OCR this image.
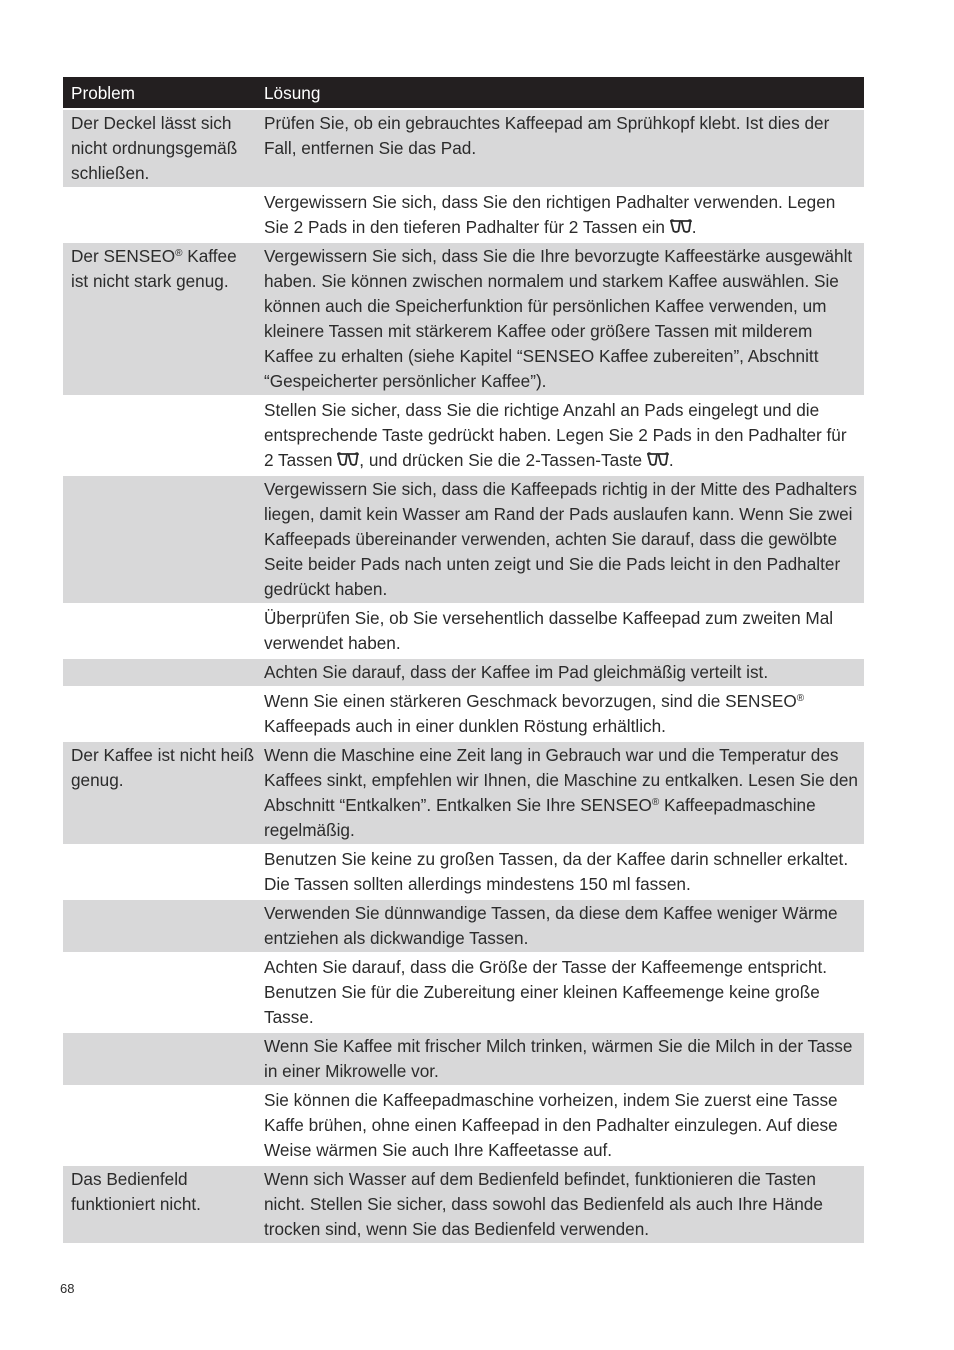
Problem	Lösung
Der Deckel lässt sich nicht ordnungsgemäß schließen.
Prüfen Sie, ob ein gebrauchtes Kaffeepad am Sprühkopf klebt. Ist dies der Fall, entfernen Sie das Pad.
Vergewissern Sie sich, dass Sie den richtigen Padhalter verwenden. Legen Sie 2 Pads in den tieferen Padhalter für 2 Tassen ein .
Der SENSEO® Kaffee ist nicht stark genug.
Vergewissern Sie sich, dass Sie die Ihre bevorzugte Kaffeestärke ausgewählt haben. Sie können zwischen normalem und starkem Kaffee auswählen. Sie können auch die Speicherfunktion für persönlichen Kaffee verwenden, um kleinere Tassen mit stärkerem Kaffee oder größere Tassen mit milderem Kaffee zu erhalten (siehe Kapitel “SENSEO Kaffee zubereiten”, Abschnitt “Gespeicherter persönlicher Kaffee”).
Stellen Sie sicher, dass Sie die richtige Anzahl an Pads eingelegt und die entsprechende Taste gedrückt haben. Legen Sie 2 Pads in den Padhalter für 2 Tassen , und drücken Sie die 2-Tassen-Taste .
Vergewissern Sie sich, dass die Kaffeepads richtig in der Mitte des Padhalters liegen, damit kein Wasser am Rand der Pads auslaufen kann. Wenn Sie zwei Kaffeepads übereinander verwenden, achten Sie darauf, dass die gewölbte Seite beider Pads nach unten zeigt und Sie die Pads leicht in den Padhalter gedrückt haben.
Überprüfen Sie, ob Sie versehentlich dasselbe Kaffeepad zum zweiten Mal verwendet haben.
Achten Sie darauf, dass der Kaffee im Pad gleichmäßig verteilt ist.
Wenn Sie einen stärkeren Geschmack bevorzugen, sind die SENSEO® Kaffeepads auch in einer dunklen Röstung erhältlich.
Der Kaffee ist nicht heiß genug.
Wenn die Maschine eine Zeit lang in Gebrauch war und die Temperatur des Kaffees sinkt, empfehlen wir Ihnen, die Maschine zu entkalken. Lesen Sie den Abschnitt “Entkalken”. Entkalken Sie Ihre SENSEO® Kaffeepadmaschine regelmäßig.
Benutzen Sie keine zu großen Tassen, da der Kaffee darin schneller erkaltet. Die Tassen sollten allerdings mindestens 150 ml fassen.
Verwenden Sie dünnwandige Tassen, da diese dem Kaffee weniger Wärme entziehen als dickwandige Tassen.
Achten Sie darauf, dass die Größe der Tasse der Kaffeemenge entspricht. Benutzen Sie für die Zubereitung einer kleinen Kaffeemenge keine große Tasse.
Wenn Sie Kaffee mit frischer Milch trinken, wärmen Sie die Milch in der Tasse in einer Mikrowelle vor.
Sie können die Kaffeepadmaschine vorheizen, indem Sie zuerst eine Tasse Kaffe brühen, ohne einen Kaffeepad in den Padhalter einzulegen. Auf diese Weise wärmen Sie auch Ihre Kaffeetasse auf.
Das Bedienfeld funktioniert nicht.
Wenn sich Wasser auf dem Bedienfeld befindet, funktionieren die Tasten nicht. Stellen Sie sicher, dass sowohl das Bedienfeld als auch Ihre Hände trocken sind, wenn Sie das Bedienfeld verwenden.
68
